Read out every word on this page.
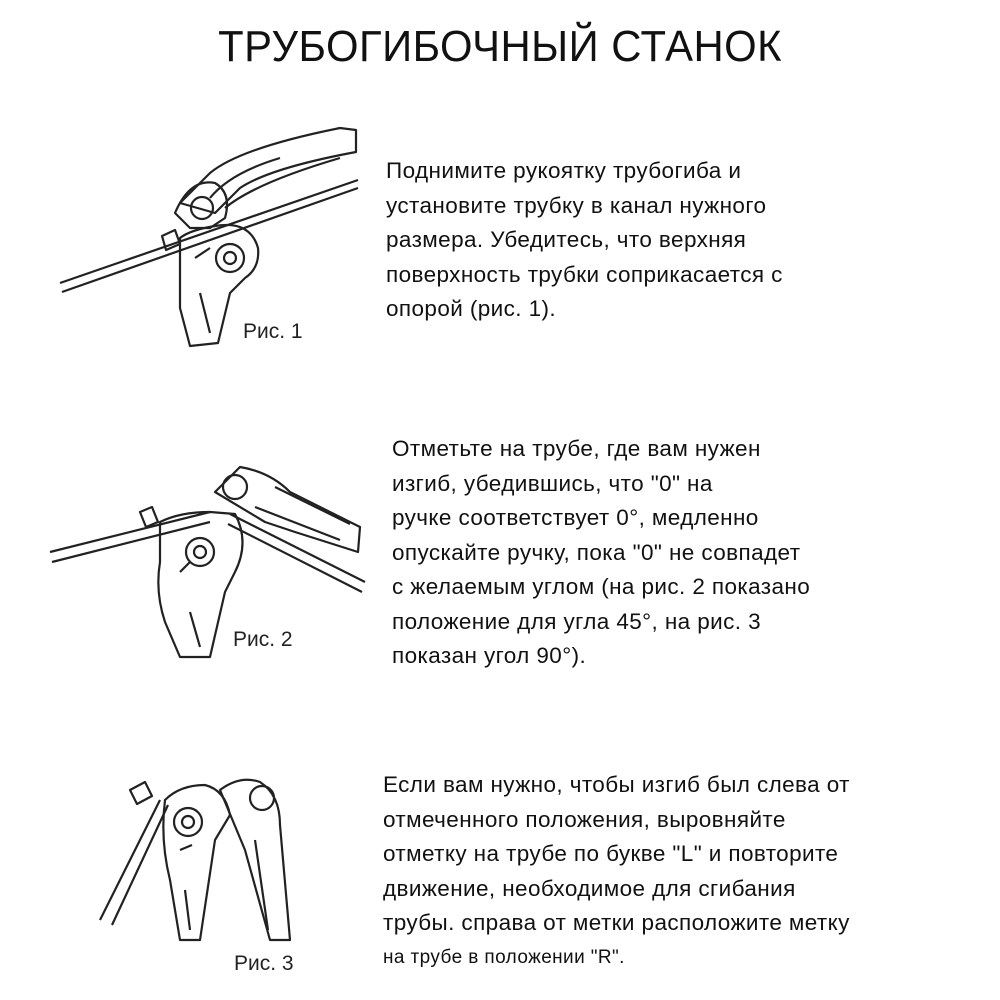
ТРУБОГИБОЧНЫЙ СТАНОК
Рис. 1
Поднимите рукоятку трубогиба и
установите трубку в канал нужного
размера. Убедитесь, что верхняя
поверхность трубки соприкасается с
опорой (рис. 1).
Рис. 2
Отметьте на трубе, где вам нужен
изгиб, убедившись, что "0" на
ручке соответствует 0°, медленно
опускайте ручку, пока "0" не совпадет
с желаемым углом (на рис. 2 показано
положение для угла 45°, на рис. 3
показан угол 90°).
Рис. 3
Если вам нужно, чтобы изгиб был слева от
отмеченного положения, выровняйте
отметку на трубе по букве "L" и повторите
движение, необходимое для сгибания
трубы. справа от метки расположите метку
на трубе в положении "R".
